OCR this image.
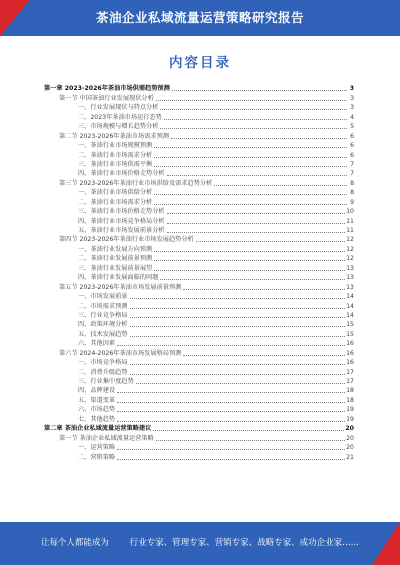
茶油企业私域流量运营策略研究报告
内容目录
第一章 2023-2026年茶油市场供需趋势预测	3
第一节 中国茶油行业发展现状分析	3
一、行业发展现状与特点分析	3
二、2023年茶油市场运行态势	4
三、市场规模与增长趋势分析	5
第二节 2023-2026年茶油市场需求预测	6
一、茶油行业市场规模预测	6
二、茶油行业市场需求分析	6
三、茶油行业市场供需平衡	7
四、茶油行业市场价格走势分析	7
第三节 2023-2026年茶油行业市场供给及需求趋势分析	8
一、茶油行业市场供给分析	8
二、茶油行业市场需求分析	9
三、茶油行业市场价格走势分析	10
四、茶油行业市场竞争格局分析	11
五、茶油行业市场发展前景分析	11
第四节 2023-2026年茶油行业市场发展趋势分析	12
一、茶油行业发展方向预测	12
二、茶油行业发展前景预测	12
三、茶油行业发展前景展望	13
四、茶油行业发展面临的问题	13
第五节 2023-2026年茶油市场发展前景预测	13
一、市场发展前景	14
二、市场需求预测	14
三、行业竞争格局	14
四、政策环境分析	15
五、技术发展趋势	15
六、其他因素	16
第六节 2024-2026年茶油市场发展格局预测	16
一、市场竞争格局	16
二、消费升级趋势	17
三、行业集中度趋势	17
四、品牌建设	18
五、渠道变革	18
六、市场趋势	19
七、其他趋势	19
第二章 茶油企业私域流量运营策略建议	20
第一节 茶油企业私域流量运营策略	20
一、运营策略	20
二、营销策略	21
让每个人都能成为 行业专家、管理专家、营销专家、战略专家、成功企业家……
